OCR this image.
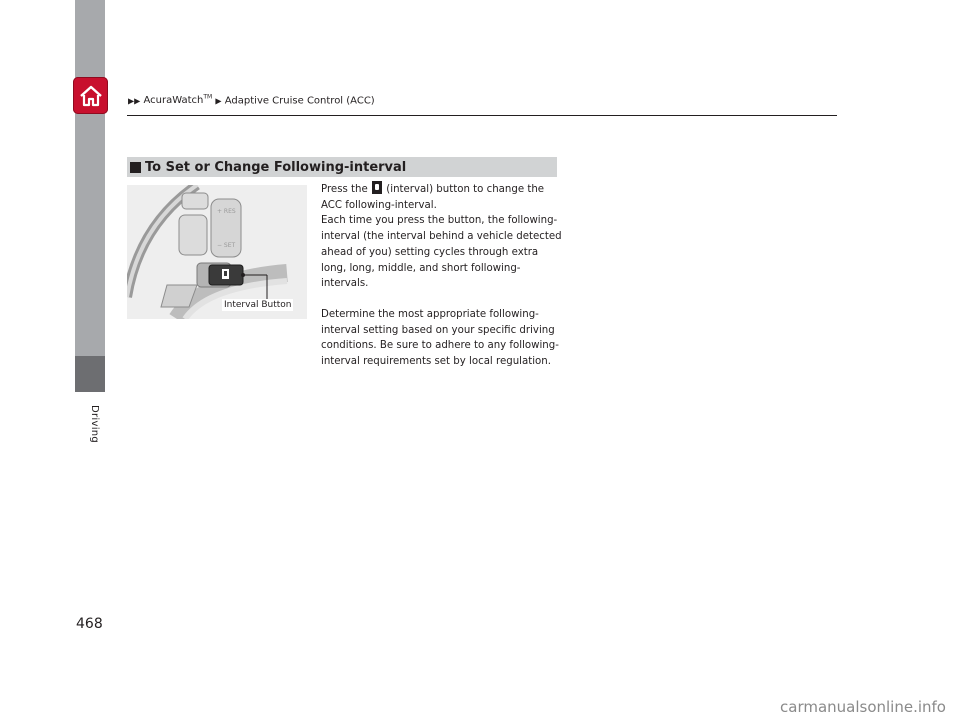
Driving
▶▶ AcuraWatch™ ▶ Adaptive Cruise Control (ACC)
To Set or Change Following-interval
+ RES
− SET
Interval Button

Press the (interval) button to change the ACC following-interval.
Each time you press the button, the following-interval (the interval behind a vehicle detected ahead of you) setting cycles through extra long, long, middle, and short following-intervals.

Determine the most appropriate following-interval setting based on your specific driving conditions. Be sure to adhere to any following-interval requirements set by local regulation.

468
carmanualsonline.info
